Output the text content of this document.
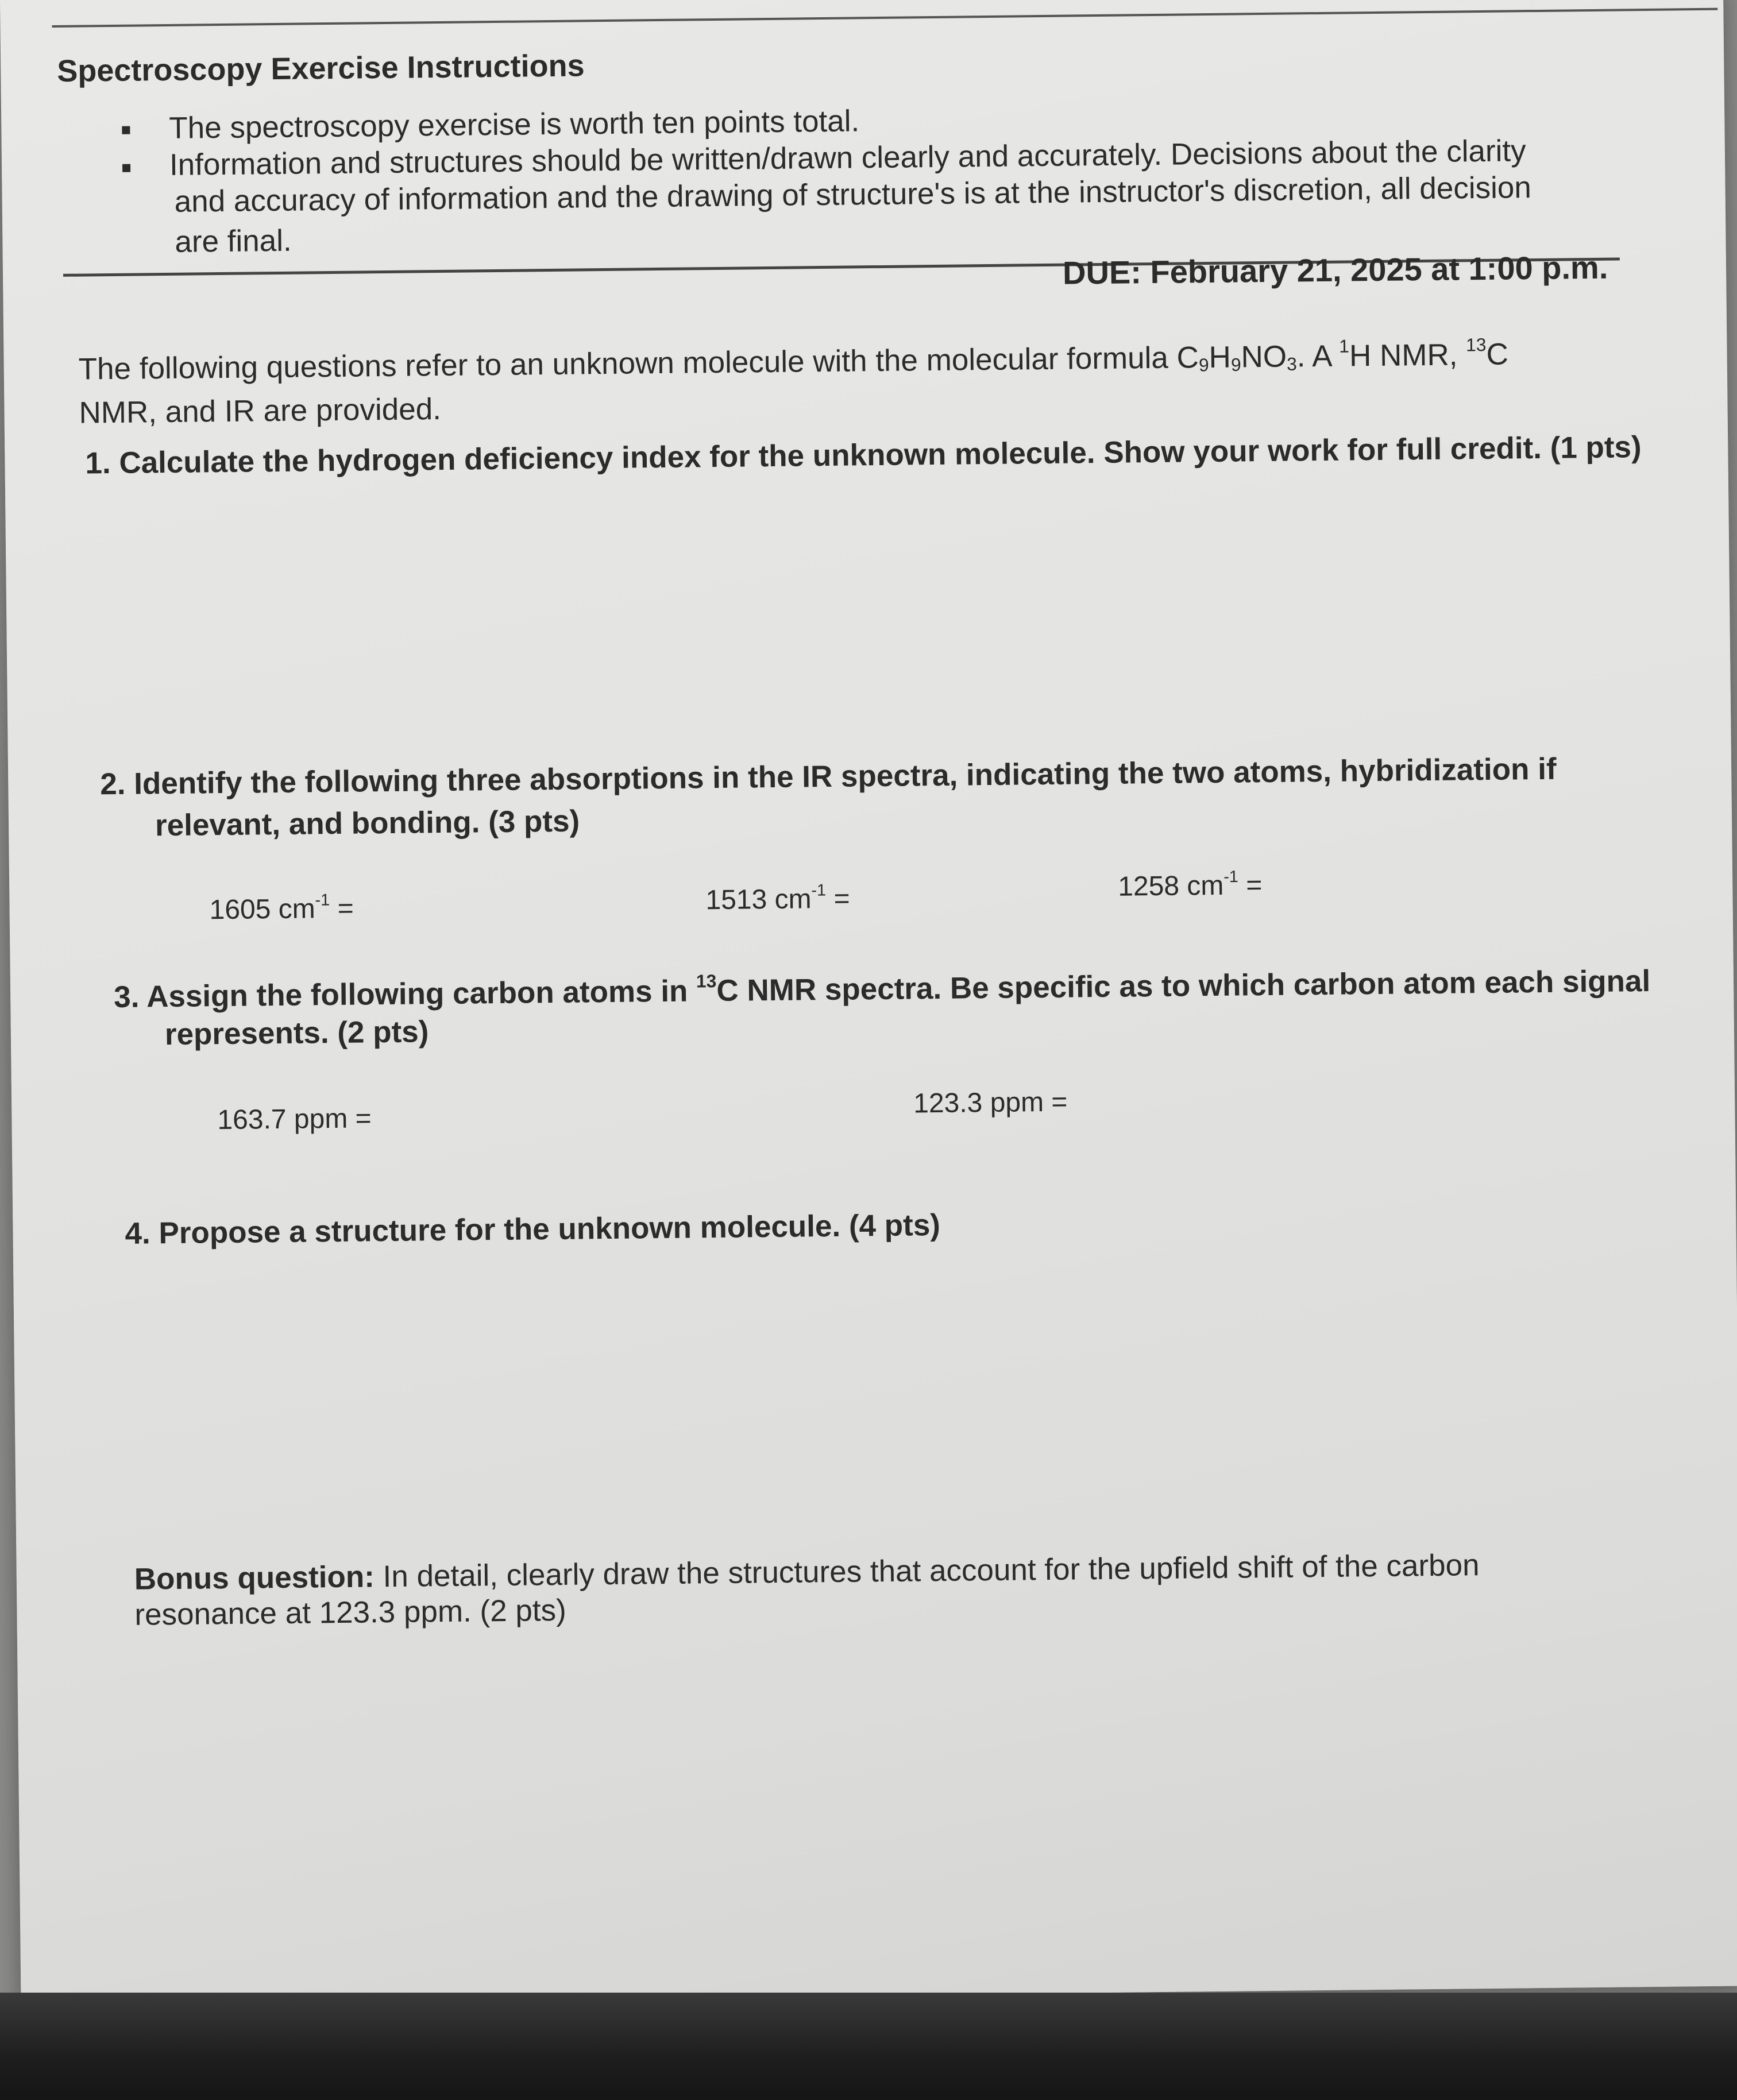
Spectroscopy Exercise Instructions
The spectroscopy exercise is worth ten points total.
Information and structures should be written/drawn clearly and accurately. Decisions about the clarity
and accuracy of information and the drawing of structure's is at the instructor's discretion, all decision
are final.
DUE: February 21, 2025 at 1:00 p.m.
The following questions refer to an unknown molecule with the molecular formula $C_9H_9NO_3$. A $^1$H NMR, $^{13}$C
NMR, and IR are provided.
1. Calculate the hydrogen deficiency index for the unknown molecule. Show your work for full credit. (1 pts)
2. Identify the following three absorptions in the IR spectra, indicating the two atoms, hybridization if
relevant, and bonding. (3 pts)
1605 $cm^{-1}$ =	1513 $cm^{-1}$ =	1258 $cm^{-1}$ =
3. Assign the following carbon atoms in $^{13}$C NMR spectra. Be specific as to which carbon atom each signal
represents. (2 pts)
163.7 ppm =
123.3 ppm =
4. Propose a structure for the unknown molecule. (4 pts)
Bonus question: In detail, clearly draw the structures that account for the upfield shift of the carbon
resonance at 123.3 ppm. (2 pts)
